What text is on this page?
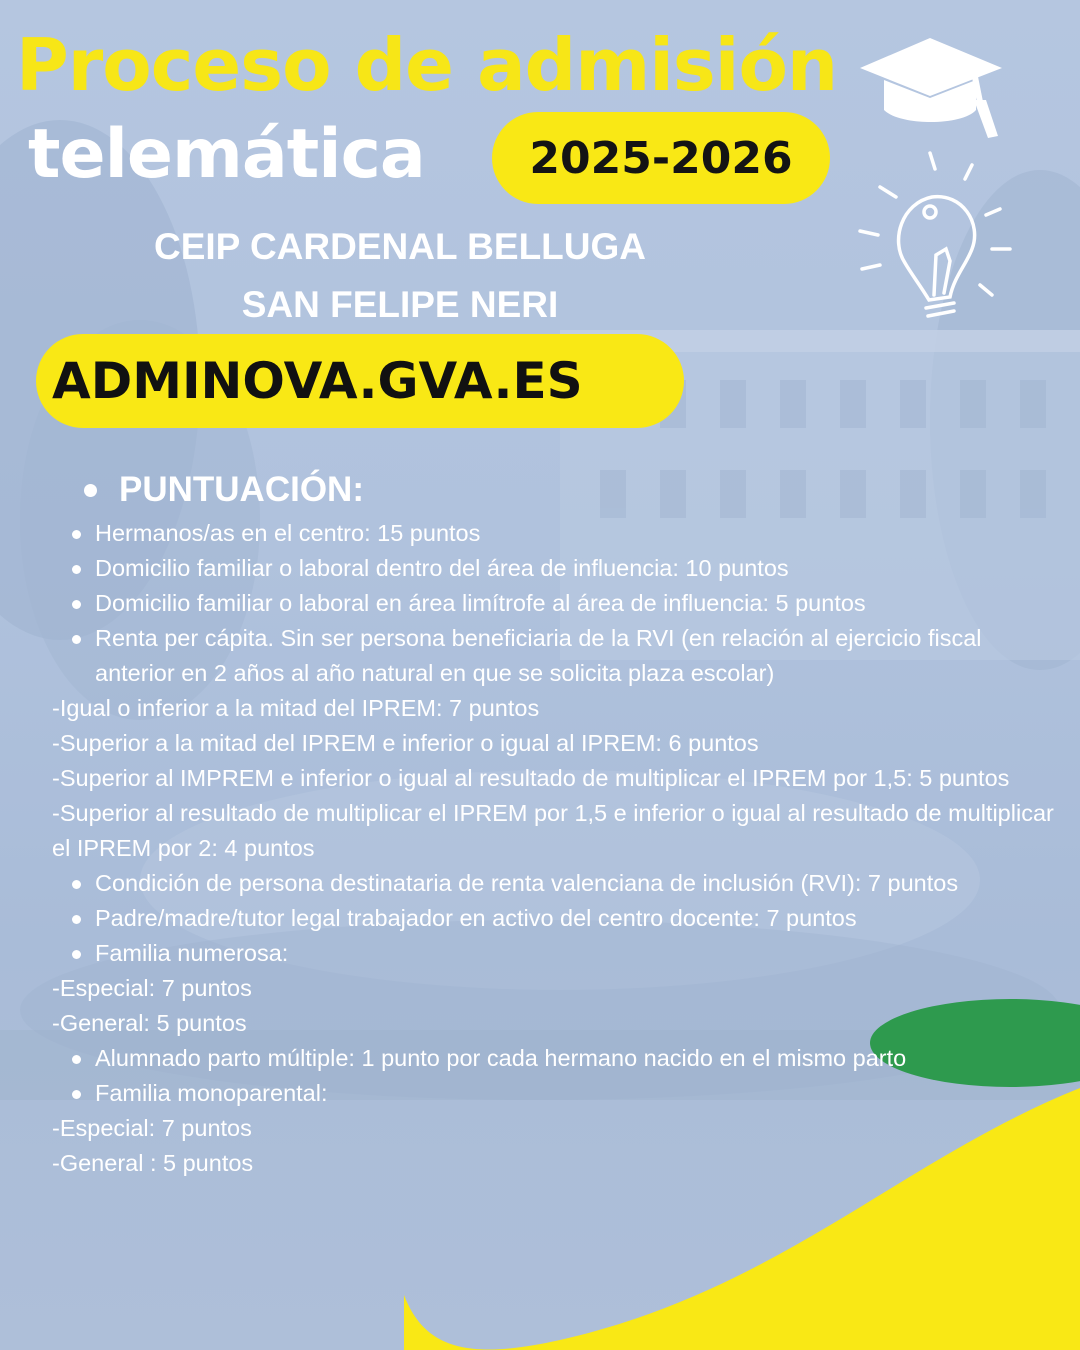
Proceso de admisión
telemática	2025-2026
CEIP CARDENAL BELLUGA
SAN FELIPE NERI
ADMINOVA.GVA.ES
PUNTUACIÓN:
Hermanos/as en el centro: 15 puntos
Domicilio familiar o laboral dentro del área de influencia: 10 puntos
Domicilio familiar o laboral en área limítrofe al área de influencia: 5 puntos
Renta per cápita. Sin ser persona beneficiaria de la RVI (en relación al ejercicio fiscal anterior en 2 años al año natural en que se solicita plaza escolar)
-Igual o inferior a la mitad del IPREM: 7 puntos
-Superior a la mitad del IPREM e inferior o igual al IPREM: 6 puntos
-Superior al IMPREM e inferior o igual al resultado de multiplicar el IPREM por 1,5: 5 puntos
-Superior al resultado de multiplicar el IPREM por 1,5 e inferior o igual al resultado de multiplicar el IPREM por 2: 4 puntos
Condición de persona destinataria de renta valenciana de inclusión (RVI): 7 puntos
Padre/madre/tutor legal trabajador en activo del centro docente: 7 puntos
Familia numerosa:
-Especial: 7 puntos
-General: 5 puntos
Alumnado parto múltiple: 1 punto por cada hermano nacido en el mismo parto
Familia monoparental:
-Especial: 7 puntos
-General : 5 puntos
